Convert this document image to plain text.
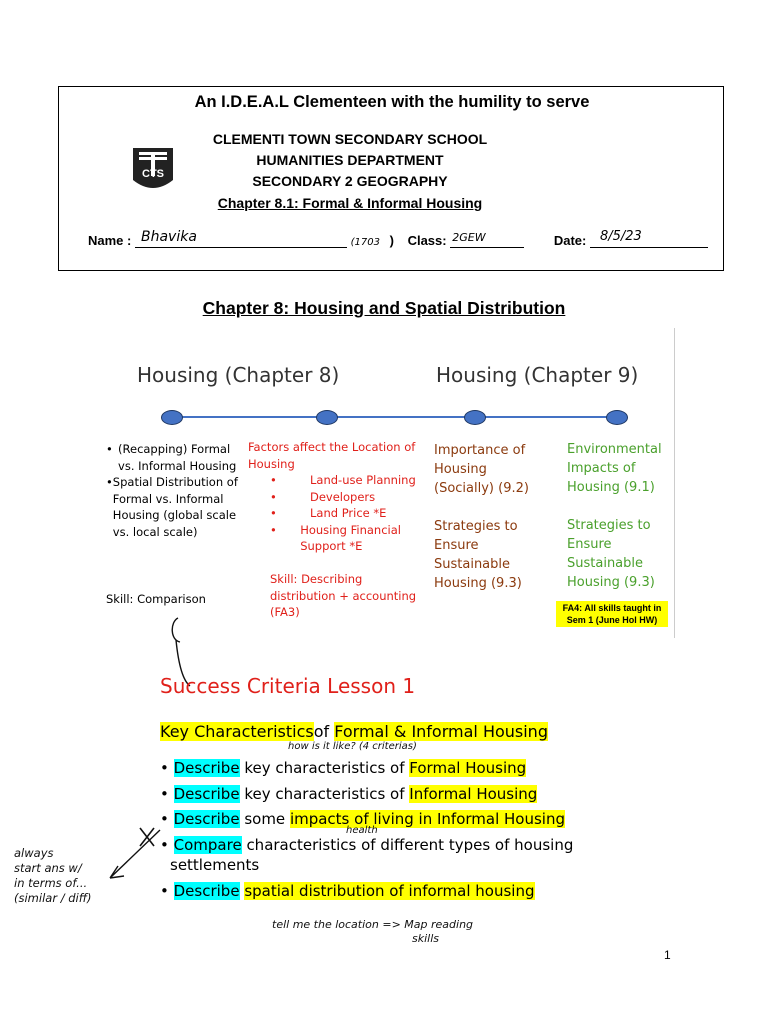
An I.D.E.A.L Clementeen with the humility to serve
CTS
CLEMENTI TOWN SECONDARY SCHOOL
HUMANITIES DEPARTMENT
SECONDARY 2 GEOGRAPHY
Chapter 8.1: Formal & Informal Housing
Name : Bhavika	(1703 ) Class: 2GEW	Date: 8/5/23
Chapter 8: Housing and Spatial Distribution
Housing (Chapter 8)	Housing (Chapter 9)
• (Recapping) Formal vs. Informal Housing
• Spatial Distribution of Formal vs. Informal Housing (global scale vs. local scale)
Skill: Comparison
Factors affect the Location of Housing
•	Land-use Planning
•	Developers
•	Land Price *E
•	Housing Financial Support *E
Skill: Describing distribution + accounting (FA3)
Importance of Housing (Socially) (9.2)
Strategies to Ensure Sustainable Housing (9.3)
Environmental Impacts of Housing (9.1)
Strategies to Ensure Sustainable Housing (9.3)
FA4: All skills taught in Sem 1 (June Hol HW)
Success Criteria Lesson 1
Key Characteristicsof Formal & Informal Housing
• Describe key characteristics of Formal Housing
• Describe key characteristics of Informal Housing
• Describe some impacts of living in Informal Housing
• Compare characteristics of different types of housing
settlements
• Describe spatial distribution of informal housing
how is it like? (4 criterias)
health
always
start ans w/
in terms of...
(similar / diff)
tell me the location => Map reading
skills
1
